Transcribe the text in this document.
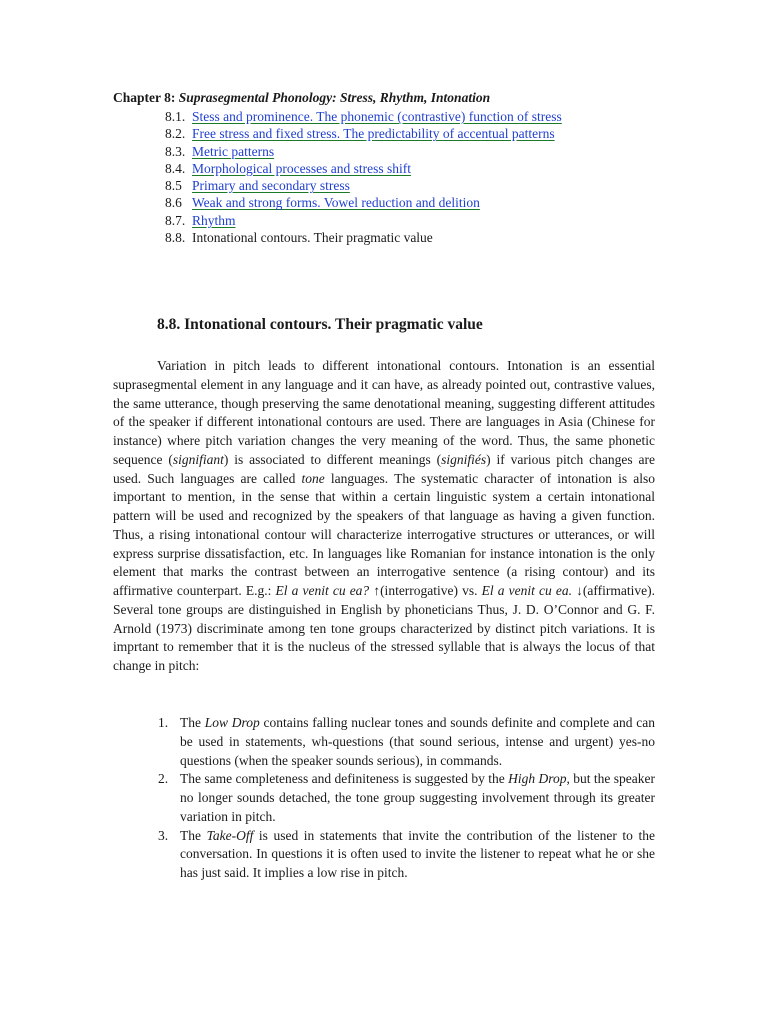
Chapter 8: Suprasegmental Phonology: Stress, Rhythm, Intonation
8.1. Stess and prominence. The phonemic (contrastive) function of stress
8.2. Free stress and fixed stress. The predictability of accentual patterns
8.3. Metric patterns
8.4. Morphological processes and stress shift
8.5 Primary and secondary stress
8.6 Weak and strong forms. Vowel reduction and delition
8.7. Rhythm
8.8. Intonational contours. Their pragmatic value
8.8. Intonational contours. Their pragmatic value

Variation in pitch leads to different intonational contours. Intonation is an essential suprasegmental element in any language and it can have, as already pointed out, contrastive values, the same utterance, though preserving the same denotational meaning, suggesting different attitudes of the speaker if different intonational contours are used. There are languages in Asia (Chinese for instance) where pitch variation changes the very meaning of the word. Thus, the same phonetic sequence (signifiant) is associated to different meanings (signifiés) if various pitch changes are used. Such languages are called tone languages. The systematic character of intonation is also important to mention, in the sense that within a certain linguistic system a certain intonational pattern will be used and recognized by the speakers of that language as having a given function. Thus, a rising intonational contour will characterize interrogative structures or utterances, or will express surprise dissatisfaction, etc. In languages like Romanian for instance intonation is the only element that marks the contrast between an interrogative sentence (a rising contour) and its affirmative counterpart. E.g.: El a venit cu ea? ↑(interrogative) vs. El a venit cu ea. ↓(affirmative). Several tone groups are distinguished in English by phoneticians Thus, J. D. O’Connor and G. F. Arnold (1973) discriminate among ten tone groups characterized by distinct pitch variations. It is imprtant to remember that it is the nucleus of the stressed syllable that is always the locus of that change in pitch:

1. The Low Drop contains falling nuclear tones and sounds definite and complete and can be used in statements, wh-questions (that sound serious, intense and urgent) yes-no questions (when the speaker sounds serious), in commands.
2. The same completeness and definiteness is suggested by the High Drop, but the speaker no longer sounds detached, the tone group suggesting involvement through its greater variation in pitch.
3. The Take-Off is used in statements that invite the contribution of the listener to the conversation. In questions it is often used to invite the listener to repeat what he or she has just said. It implies a low rise in pitch.
